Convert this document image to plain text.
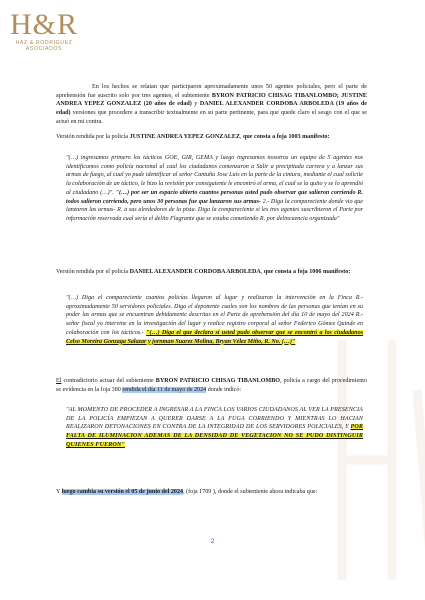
H&R
HAZ & RODRIGUEZ
ASOCIADOS
En los hechos se relatan que participaron aproximadamente unos 50 agentes policiales, pero el parte de aprehensión fue suscrito solo por tres agentes, el subteniente BYRON PATRICIO CHISAG TIBANLOMBO; JUSTINE ANDREA YEPEZ GONZALEZ (20 años de edad) y DANIEL ALEXANDER CORDOBA ARBOLEDA (19 años de edad) versiones que procedere a transcribir textualmente en su parte pertinente, para que quede claro el sesgo con el que se actuó en mi contra.
Versión rendida por la policía JUSTINE ANDREA YEPEZ GONZALEZ, que consta a foja 1003 manifesto:
"(…) ingresamos primero los tácticos GOE, GIR, GEMA y luego ingresamos nosotros un equipo de 5 agentes nos identificamos como policía nacional al cual los ciudadanos comenzaron a Salir a precipitada carrera y a lanzar sus armas de fuego, al cual yo pude identificar al señor Cantuña Jose Luis en la parte de la cintura, mediante el cual solicite la colaboración de un táctico, le hizo la revisión por consiguiente le encontró el arma, el cual se la quito y se lo aprendió al ciudadano (…)". "(…) por ser un espacio abierto cuantos personas usted pudo observar que salieron corriendo R. todos salieron corriendo, pero unos 30 personas fue que lanzaron sus armas- 2.- Diga la compareciente donde vio que lanzaron las armas- R. a sus alrededores de la pista. Diga la compareciente si les tres agentes suscribieron el Parte por información reservada cual sería el delito Flagrante que se estaba cometiendo R. por delincuencia organizada"
Versión rendida por el policía DANIEL ALEXANDER CORDOBA ARBOLEDA, que consta a foja 1006 manifesto:
"(…) Diga el compareciente cuantos policías llegaron al lugar y realizaron la intervención en la Finca R.-aproximadamente 50 servidores policiales. Diga el deponente cuales son los nombres de las personas que tenían en su poder las armas que se encuentran debidamente descritas en el Parte de aprehensión del día 10 de mayo del 2024 R.- señor fiscal yo intervine en la investigación del lugar y realice registro corporal al señor Federico Gómez Quinde en colaboración con los tácticos.- "(…) Diga el que declara si usted pudo observar que se encontró a los ciudadanos Celso Moreira Gonzaga Salazar y jornman Suarez Molina, Bryan Vélez Miño, R. No. (…)"
El contradictorio actuar del subteniente BYRON PATRICIO CHISAG TIBANLOMBO, policía a cargo del procedimiento se evidencia en la foja 380 rendida el día 11 de mayo de 2024 donde indicó:
"AL MOMENTO DE PROCEDER A INGRESAR A LA FINCA LOS VARIOS CIUDADANOS AL VER LA PRESENCIA DE LA POLICÍA EMPIEZAN A QUERER DARSE A LA FUGA CORRIENDO Y MIENTRAS LO HACIAN REALIZARON DETONACIONES EN CONTRA DE LA INTEGRIDAD DE LOS SERVIDORES POLICIALES, Y POR FALTA DE ILUMINACION ADEMAS DE LA DENSIDAD DE VEGETACION NO SE PUDO DISTINGUIR QUIENES FUERON"
Y luego cambia su versión el 05 de junio del 2024, (foja 1709 ), donde el subteniente ahora indicaba que:
2
